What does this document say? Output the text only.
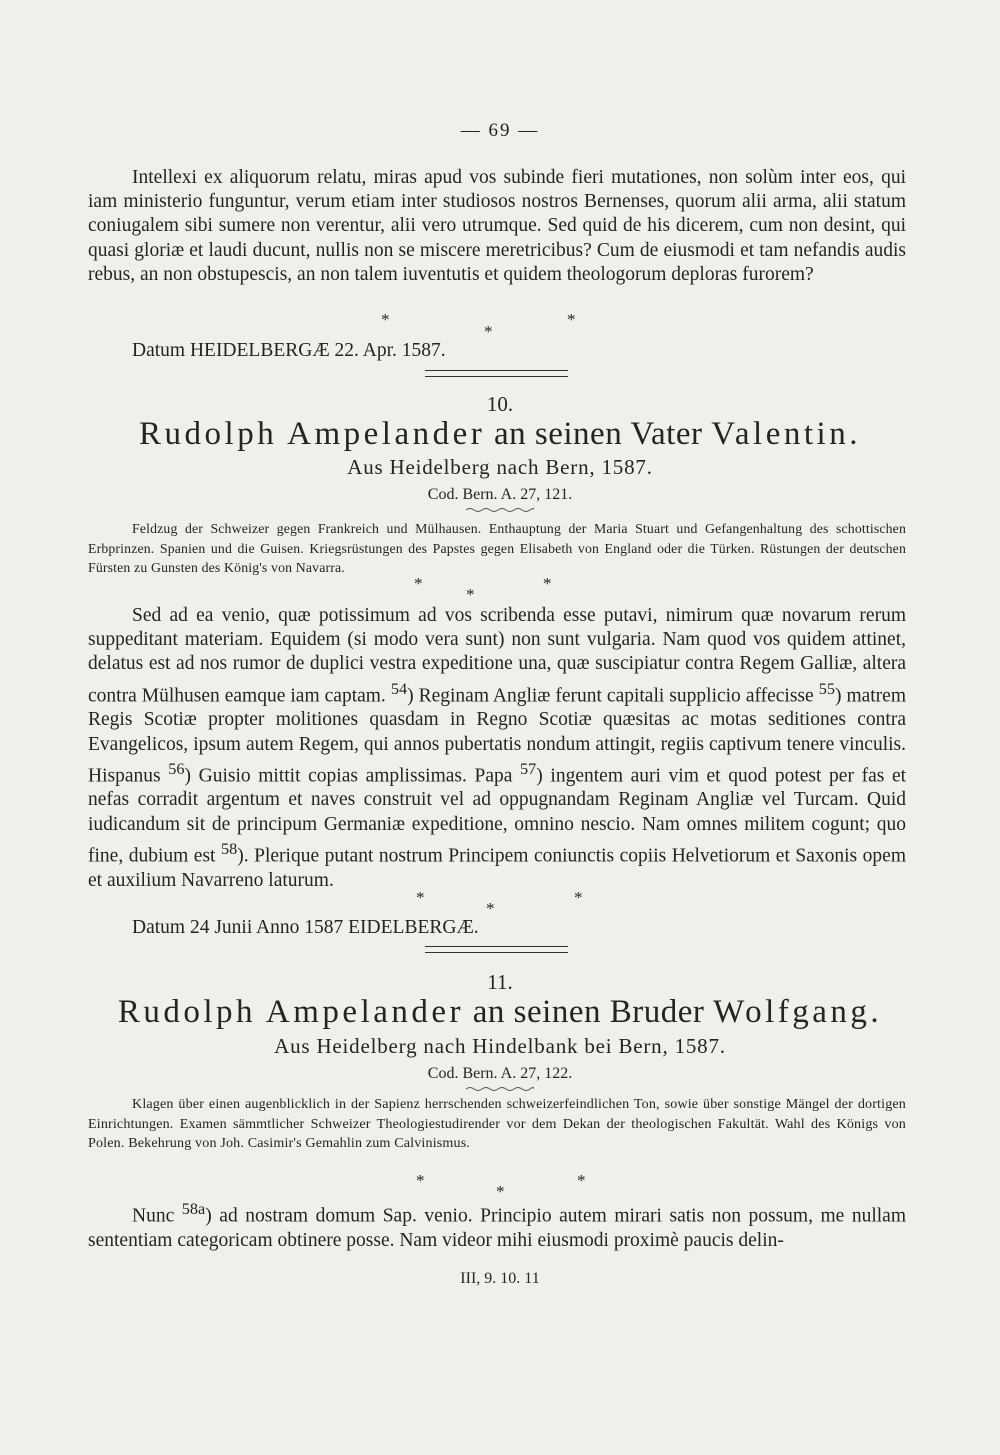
— 69 —

Intellexi ex aliquorum relatu, miras apud vos subinde fieri mutationes, non solùm inter eos, qui iam ministerio funguntur, verum etiam inter studiosos nostros Bernenses, quorum alii arma, alii statum coniugalem sibi sumere non verentur, alii vero utrumque. Sed quid de his dicerem, cum non desint, qui quasi gloriæ et laudi ducunt, nullis non se miscere meretricibus? Cum de eiusmodi et tam nefandis audis rebus, an non obstupescis, an non talem iuventutis et quidem theologorum deploras furorem?

*
*
*
Datum HEIDELBERGÆ 22. Apr. 1587.
10.
Rudolph Ampelander an seinen Vater Valentin.
Aus Heidelberg nach Bern, 1587.
Cod. Bern. A. 27, 121.

Feldzug der Schweizer gegen Frankreich und Mülhausen. Enthauptung der Maria Stuart und Gefangenhaltung des schottischen Erbprinzen. Spanien und die Guisen. Kriegsrüstungen des Papstes gegen Elisabeth von England oder die Türken. Rüstungen der deutschen Fürsten zu Gunsten des König's von Navarra.

*
*
*

Sed ad ea venio, quæ potissimum ad vos scribenda esse putavi, nimirum quæ novarum rerum suppeditant materiam. Equidem (si modo vera sunt) non sunt vulgaria. Nam quod vos quidem attinet, delatus est ad nos rumor de duplici vestra expeditione una, quæ suscipiatur contra Regem Galliæ, altera contra Mülhusen eamque iam captam. $^{54}$) Reginam Angliæ ferunt capitali supplicio affecisse $^{55}$) matrem Regis Scotiæ propter molitiones quasdam in Regno Scotiæ quæsitas ac motas seditiones contra Evangelicos, ipsum autem Regem, qui annos pubertatis nondum attingit, regiis captivum tenere vinculis. Hispanus $^{56}$) Guisio mittit copias amplissimas. Papa $^{57}$) ingentem auri vim et quod potest per fas et nefas corradit argentum et naves construit vel ad oppugnandam Reginam Angliæ vel Turcam. Quid iudicandum sit de principum Germaniæ expeditione, omnino nescio. Nam omnes militem cogunt; quo fine, dubium est $^{58}$). Plerique putant nostrum Principem coniunctis copiis Helvetiorum et Saxonis opem et auxilium Navarreno laturum.

*
*
*
Datum 24 Junii Anno 1587 EIDELBERGÆ.
11.
Rudolph Ampelander an seinen Bruder Wolfgang.
Aus Heidelberg nach Hindelbank bei Bern, 1587.
Cod. Bern. A. 27, 122.

Klagen über einen augenblicklich in der Sapienz herrschenden schweizerfeindlichen Ton, sowie über sonstige Mängel der dortigen Einrichtungen. Examen sämmtlicher Schweizer Theologiestudirender vor dem Dekan der theologischen Fakultät. Wahl des Königs von Polen. Bekehrung von Joh. Casimir's Gemahlin zum Calvinismus.

*
*
*

Nunc $^{58a}$) ad nostram domum Sap. venio. Principio autem mirari satis non possum, me nullam sententiam categoricam obtinere posse. Nam videor mihi eiusmodi proximè paucis delin-

III, 9. 10. 11
